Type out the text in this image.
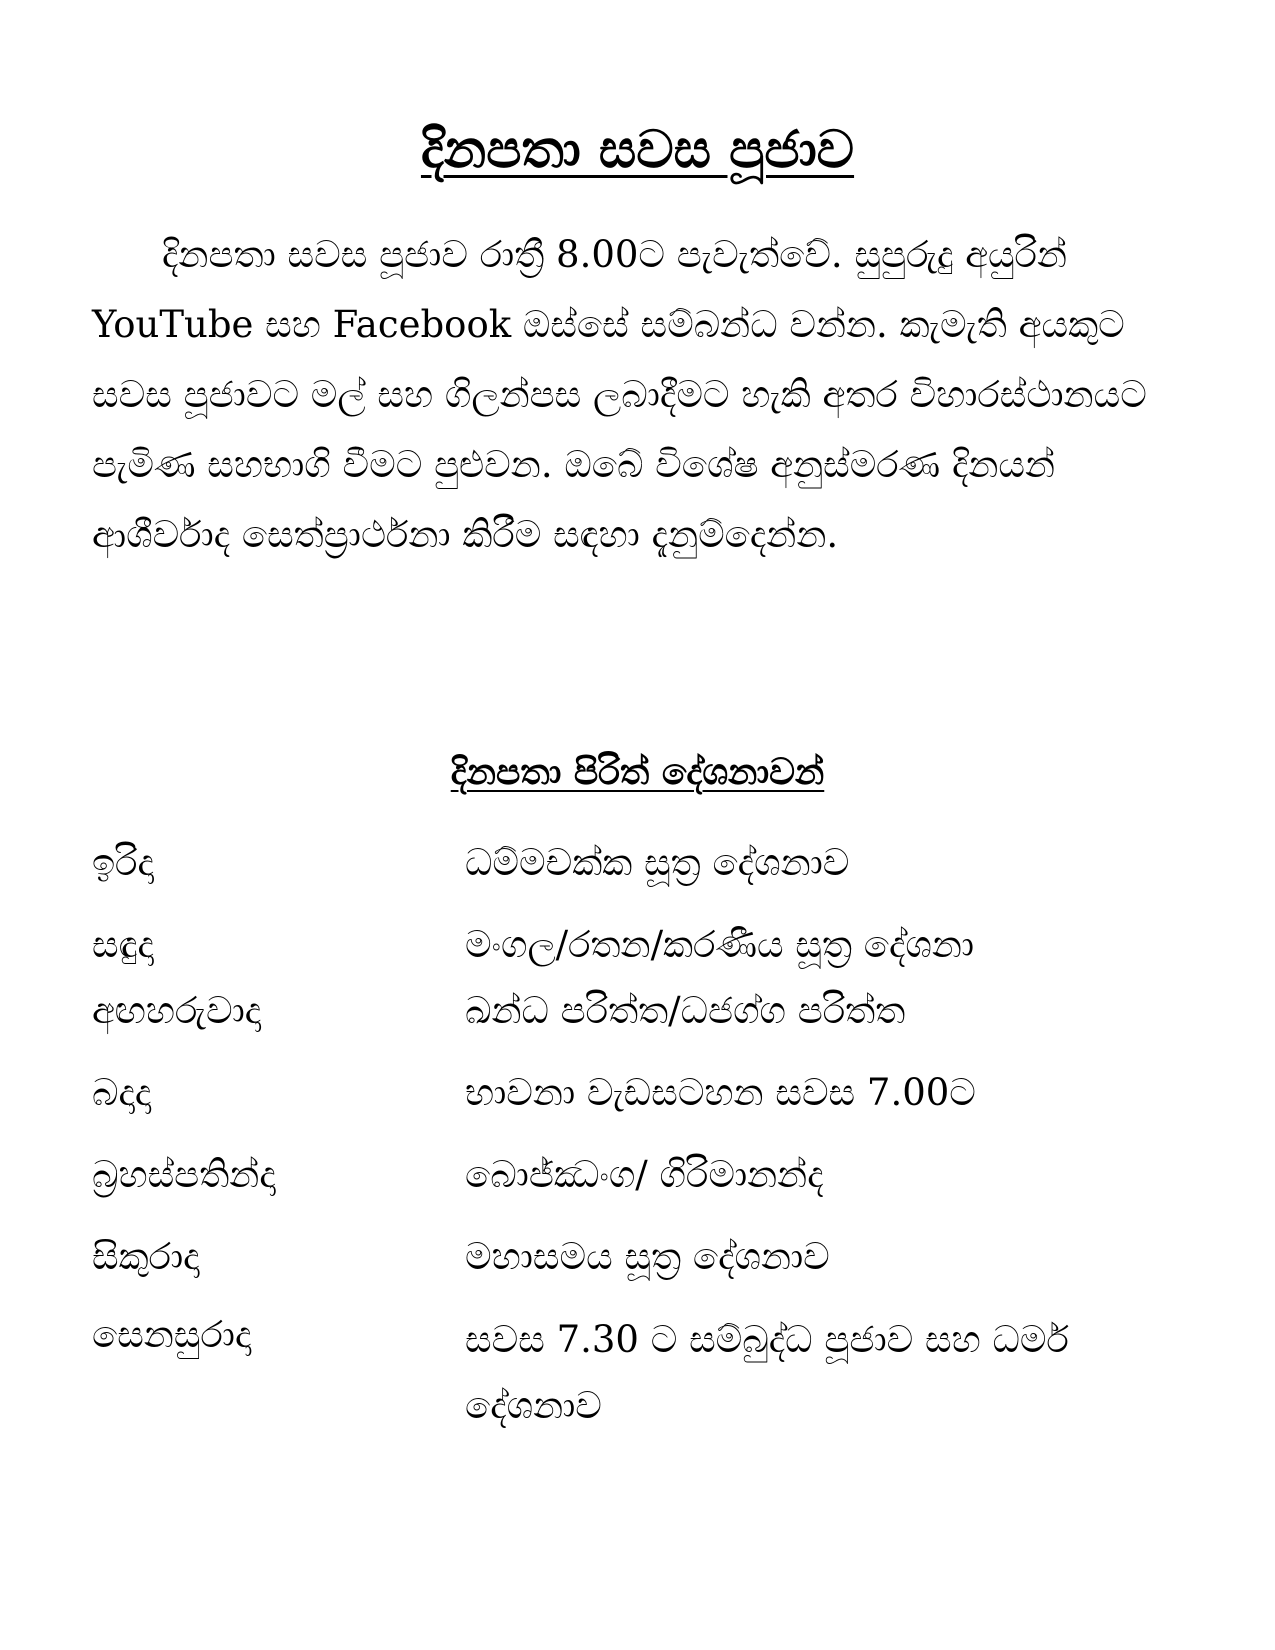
දිනපතා සවස පූජාව

දිනපතා සවස පූජාව රාත්‍රී 8.00ට පැවැත්වේ. සුපුරුදු අයුරින් YouTube සහ Facebook ඔස්සේ සම්බන්ධ වන්න. කැමැති අයකුට සවස පූජාවට මල් සහ ගිලන්පස ලබාදීමට හැකි අතර විහාරස්ථානයට පැමිණ සහභාගි වීමට පුළුවන. ඔබේ විශේෂ අනුස්මරණ දිනයන් ආශීර්වාද සෙත්ප්‍රාර්ථනා කිරීම සඳහා දැනුම්දෙන්න.

දිනපතා පිරිත් දේශනාවන්
ඉරිදා	ධම්මචක්ක සූත්‍ර දේශනාව
සඳුදා	මංගල/රතන/කරණීය සූත්‍ර දේශනා
අඟහරුවාදා	ඛන්ධ පරිත්ත/ධජග්ග පරිත්ත
බදාදා	භාවනා වැඩසටහන සවස 7.00ට
බ්‍රහස්පතින්දා	බොජ්ඣංග/ ගිරිමානන්ද
සිකුරාදා	මහාසමය සූත්‍ර දේශනාව
සෙනසුරාදා	සවස 7.30 ට සම්බුද්ධ පූජාව සහ ධර්ම දේශනාව
